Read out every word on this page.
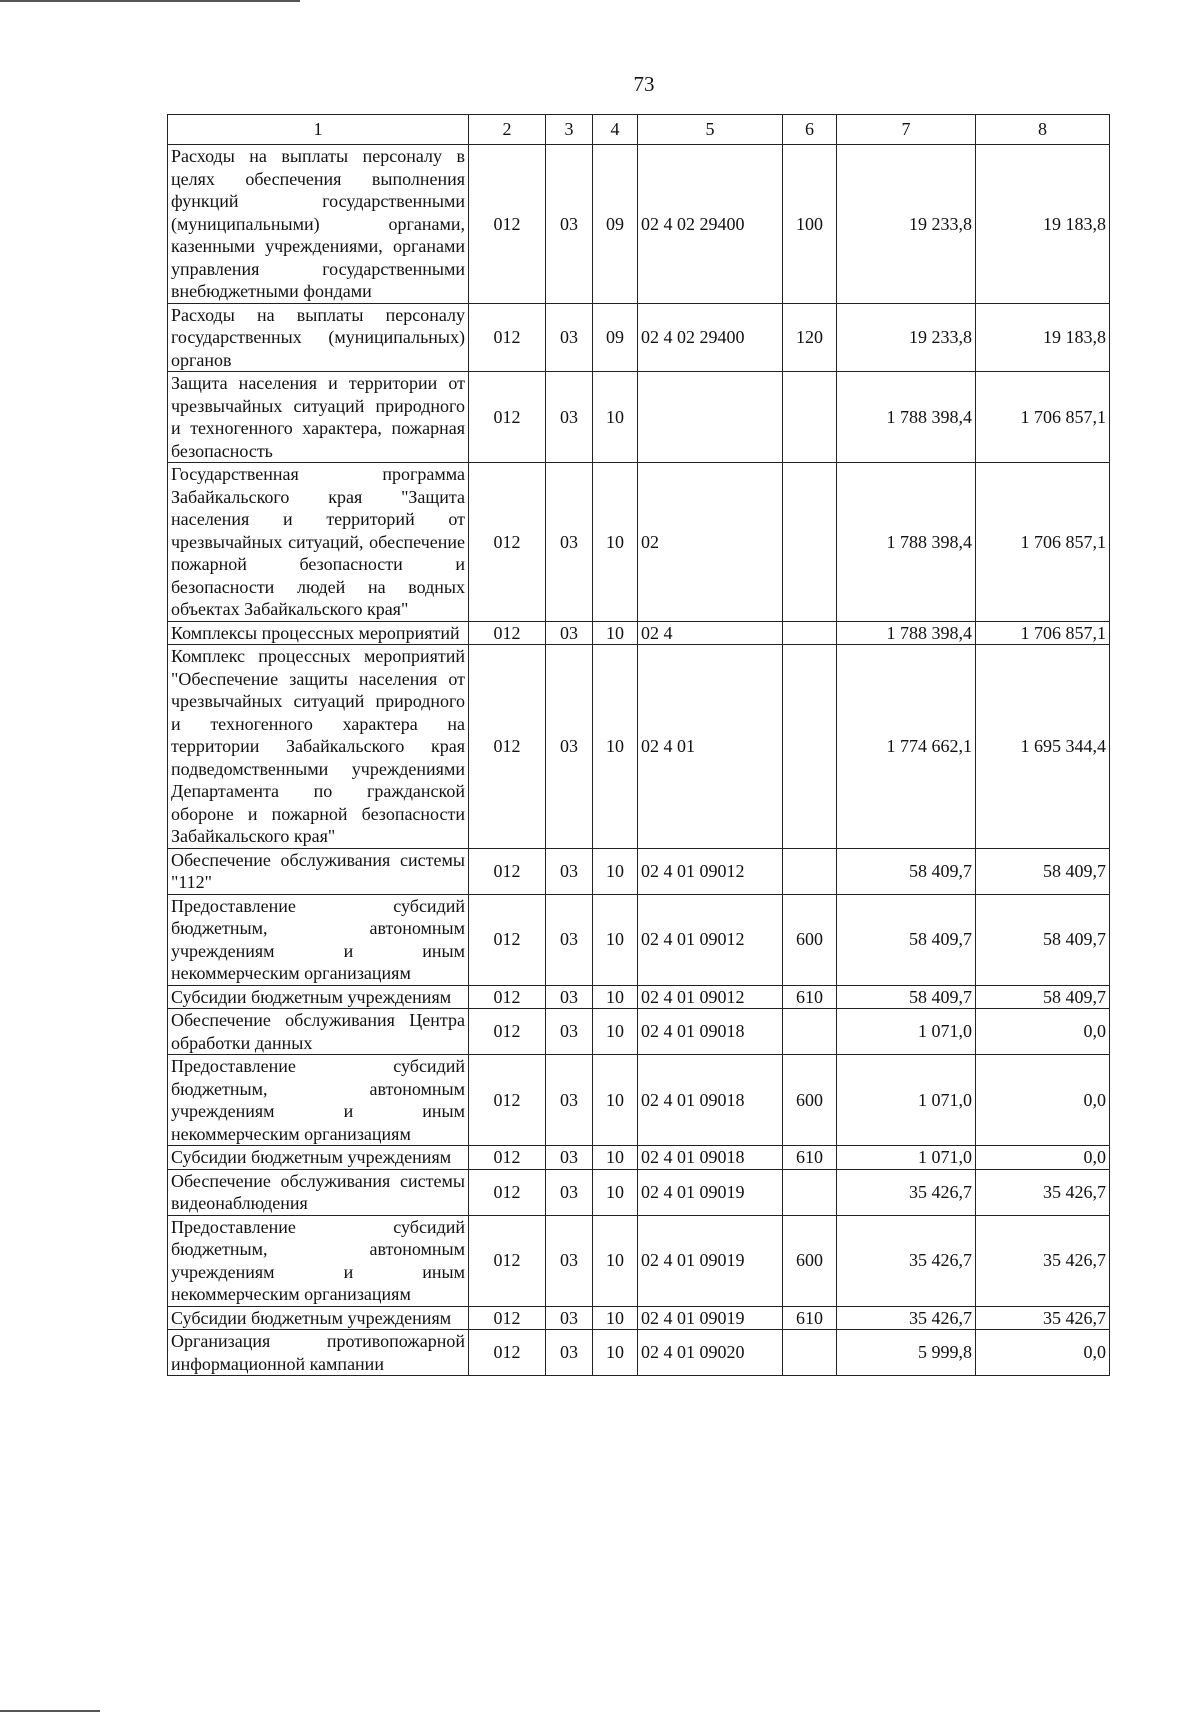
73
1	2	3	4	5	6	7	8
Расходы на выплаты персоналу в целях обеспечения выполнения функций государственными (муниципальными) органами, казенными учреждениями, органами управления государственными внебюджетными фондами	012	03	09	02 4 02 29400	100	19 233,8	19 183,8
Расходы на выплаты персоналу государственных (муниципальных) органов	012	03	09	02 4 02 29400	120	19 233,8	19 183,8
Защита населения и территории от чрезвычайных ситуаций природного и техногенного характера, пожарная безопасность	012	03	10			1 788 398,4	1 706 857,1
Государственная программа Забайкальского края "Защита населения и территорий от чрезвычайных ситуаций, обеспечение пожарной безопасности и безопасности людей на водных объектах Забайкальского края"	012	03	10	02		1 788 398,4	1 706 857,1
Комплексы процессных мероприятий	012	03	10	02 4		1 788 398,4	1 706 857,1
Комплекс процессных мероприятий "Обеспечение защиты населения от чрезвычайных ситуаций природного и техногенного характера на территории Забайкальского края подведомственными учреждениями Департамента по гражданской обороне и пожарной безопасности Забайкальского края"	012	03	10	02 4 01		1 774 662,1	1 695 344,4
Обеспечение обслуживания системы "112"	012	03	10	02 4 01 09012		58 409,7	58 409,7
Предоставление субсидий бюджетным, автономным учреждениям и иным некоммерческим организациям	012	03	10	02 4 01 09012	600	58 409,7	58 409,7
Субсидии бюджетным учреждениям	012	03	10	02 4 01 09012	610	58 409,7	58 409,7
Обеспечение обслуживания Центра обработки данных	012	03	10	02 4 01 09018		1 071,0	0,0
Предоставление субсидий бюджетным, автономным учреждениям и иным некоммерческим организациям	012	03	10	02 4 01 09018	600	1 071,0	0,0
Субсидии бюджетным учреждениям	012	03	10	02 4 01 09018	610	1 071,0	0,0
Обеспечение обслуживания системы видеонаблюдения	012	03	10	02 4 01 09019		35 426,7	35 426,7
Предоставление субсидий бюджетным, автономным учреждениям и иным некоммерческим организациям	012	03	10	02 4 01 09019	600	35 426,7	35 426,7
Субсидии бюджетным учреждениям	012	03	10	02 4 01 09019	610	35 426,7	35 426,7
Организация противопожарной информационной кампании	012	03	10	02 4 01 09020		5 999,8	0,0
